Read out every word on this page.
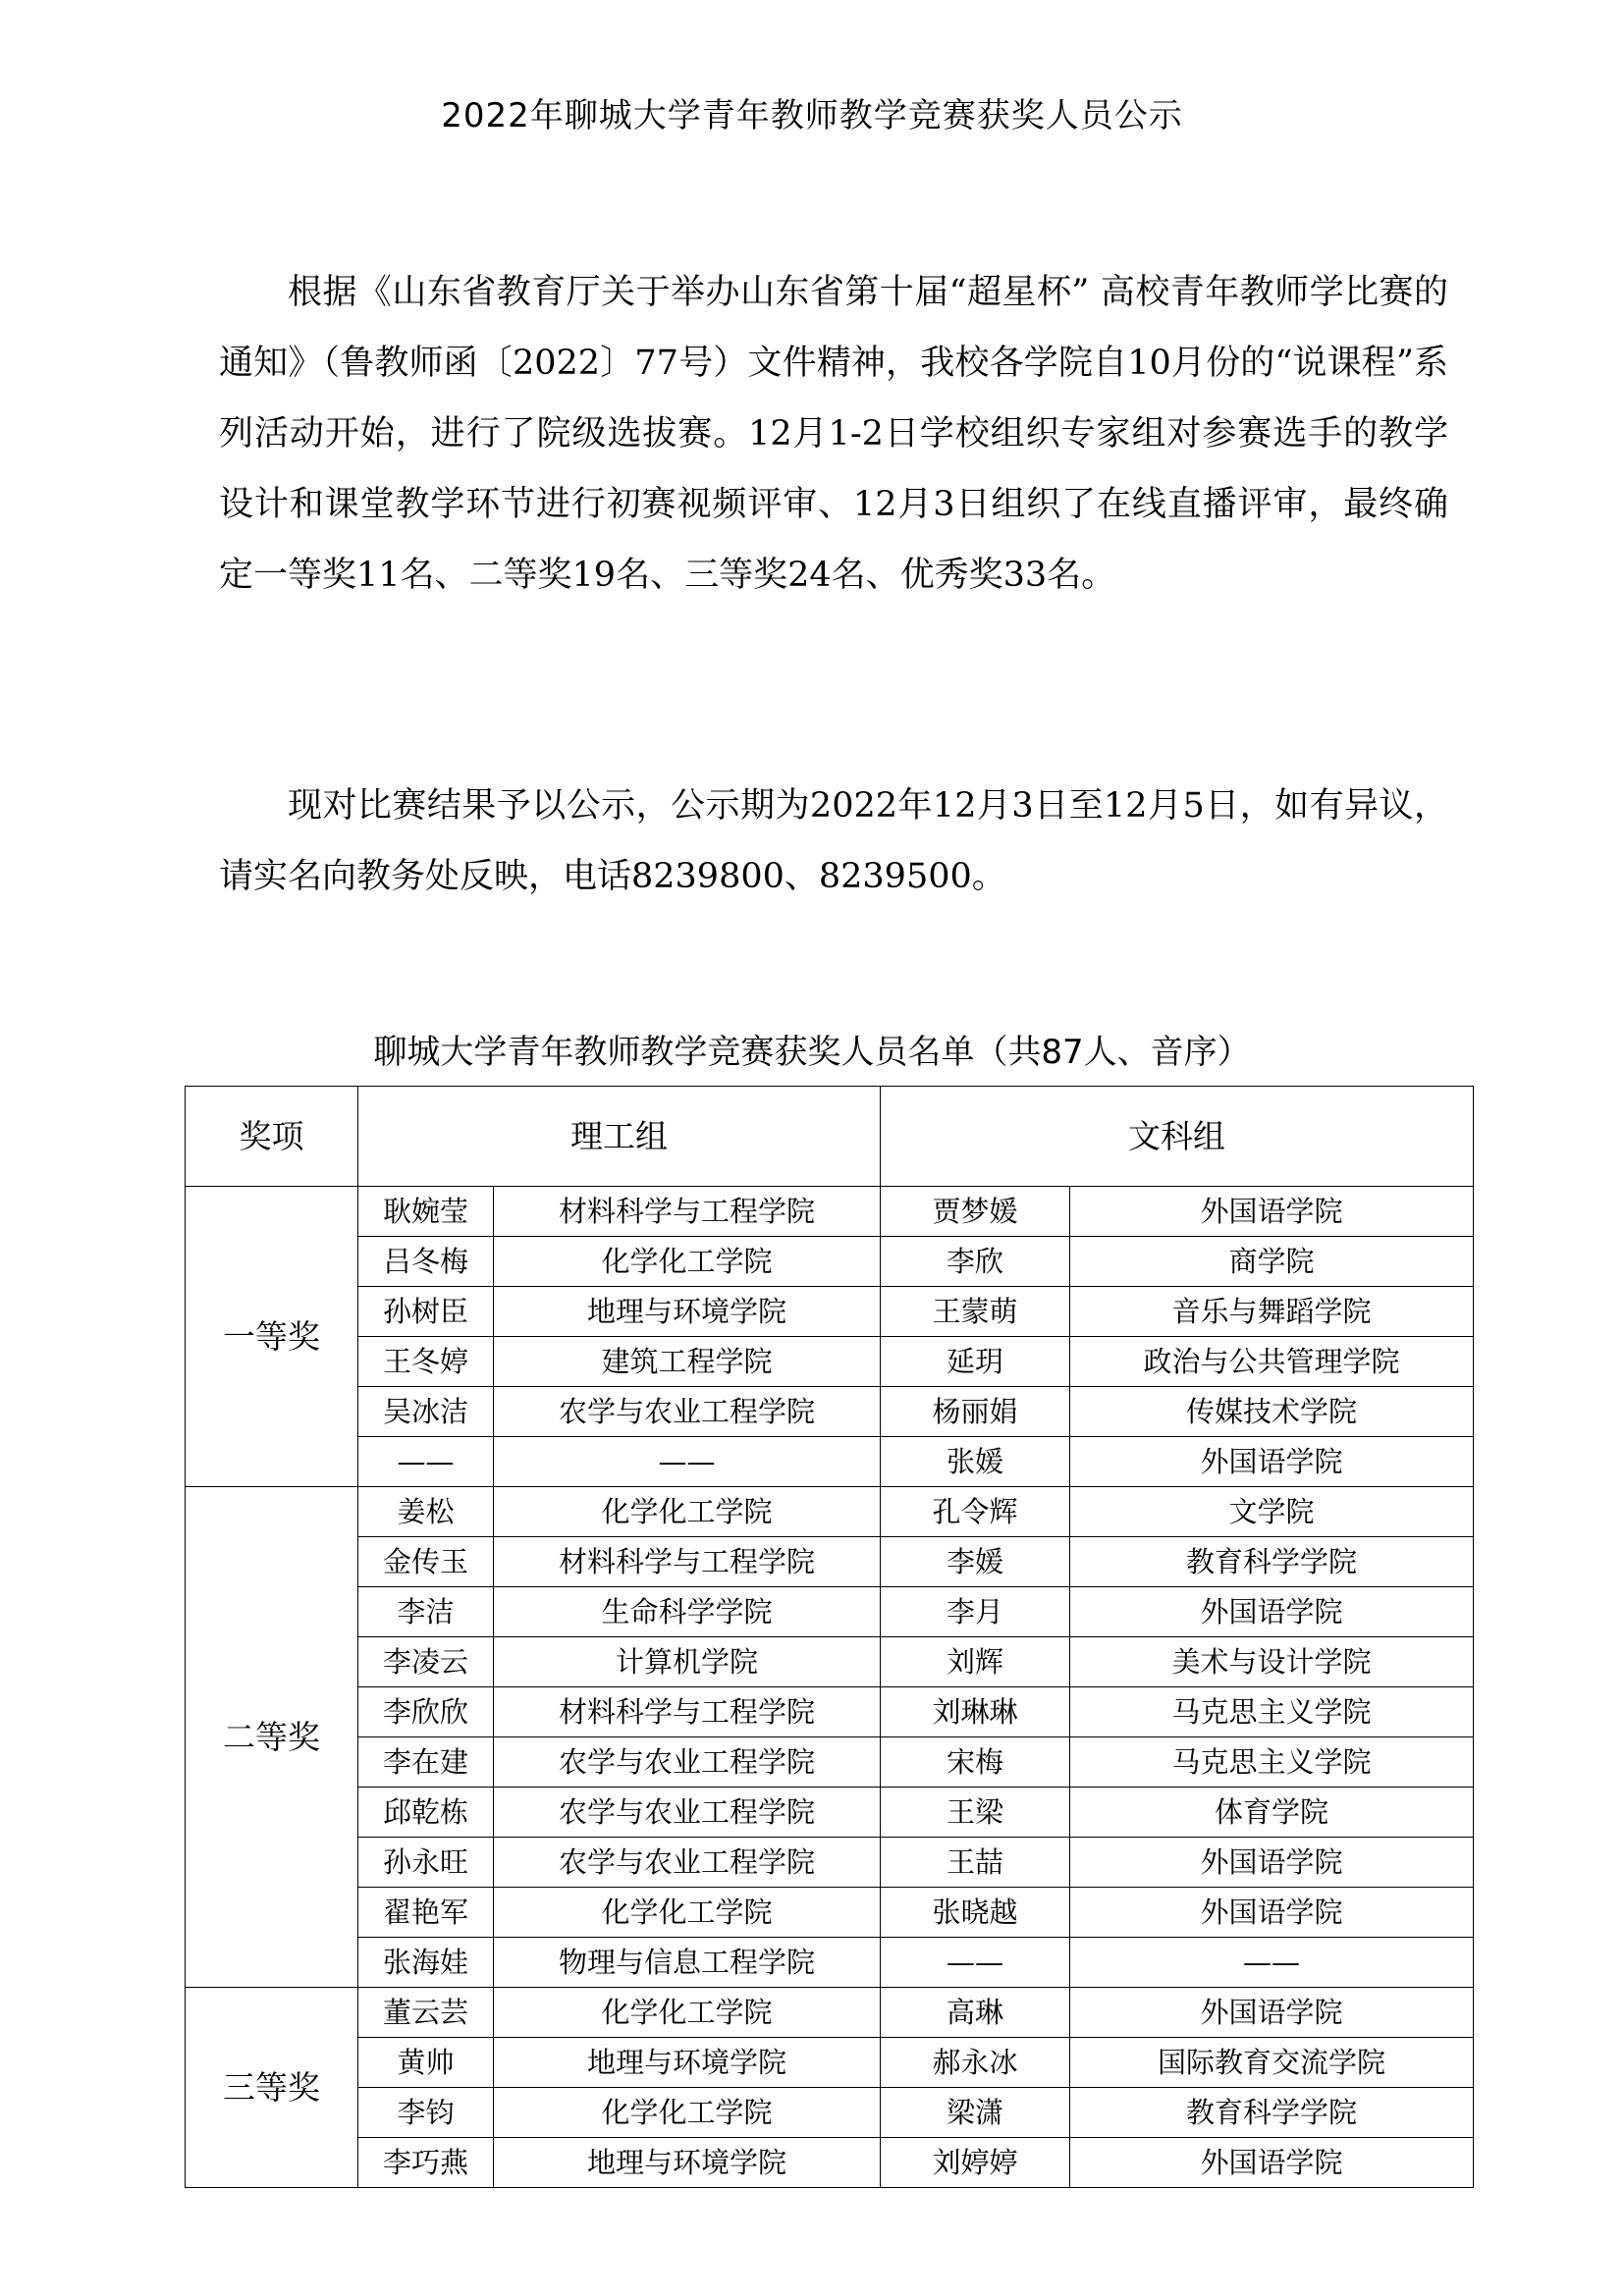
2022年聊城大学青年教师教学竞赛获奖人员公示

根据《山东省教育厅关于举办山东省第十届“超星杯” 高校青年教师学比赛的通知》（鲁教师函〔2022〕77号）文件精神，我校各学院自10月份的“说课程”系列活动开始，进行了院级选拔赛。12月1-2日学校组织专家组对参赛选手的教学设计和课堂教学环节进行初赛视频评审、12月3日组织了在线直播评审，最终确定一等奖11名、二等奖19名、三等奖24名、优秀奖33名。

现对比赛结果予以公示，公示期为2022年12月3日至12月5日，如有异议，请实名向教务处反映，电话8239800、8239500。

聊城大学青年教师教学竞赛获奖人员名单（共87人、音序）
奖项	理工组		文科组	
一等奖	耿婉莹	材料科学与工程学院	贾梦媛	外国语学院
	吕冬梅	化学化工学院	李欣	商学院
	孙树臣	地理与环境学院	王蒙萌	音乐与舞蹈学院
	王冬婷	建筑工程学院	延玥	政治与公共管理学院
	吴冰洁	农学与农业工程学院	杨丽娟	传媒技术学院
	——	——	张媛	外国语学院
二等奖	姜松	化学化工学院	孔令辉	文学院
	金传玉	材料科学与工程学院	李媛	教育科学学院
	李洁	生命科学学院	李月	外国语学院
	李凌云	计算机学院	刘辉	美术与设计学院
	李欣欣	材料科学与工程学院	刘琳琳	马克思主义学院
	李在建	农学与农业工程学院	宋梅	马克思主义学院
	邱乾栋	农学与农业工程学院	王梁	体育学院
	孙永旺	农学与农业工程学院	王喆	外国语学院
	翟艳军	化学化工学院	张晓越	外国语学院
	张海娃	物理与信息工程学院	——	——
三等奖	董云芸	化学化工学院	高琳	外国语学院
	黄帅	地理与环境学院	郝永冰	国际教育交流学院
	李钧	化学化工学院	梁潇	教育科学学院
	李巧燕	地理与环境学院	刘婷婷	外国语学院
